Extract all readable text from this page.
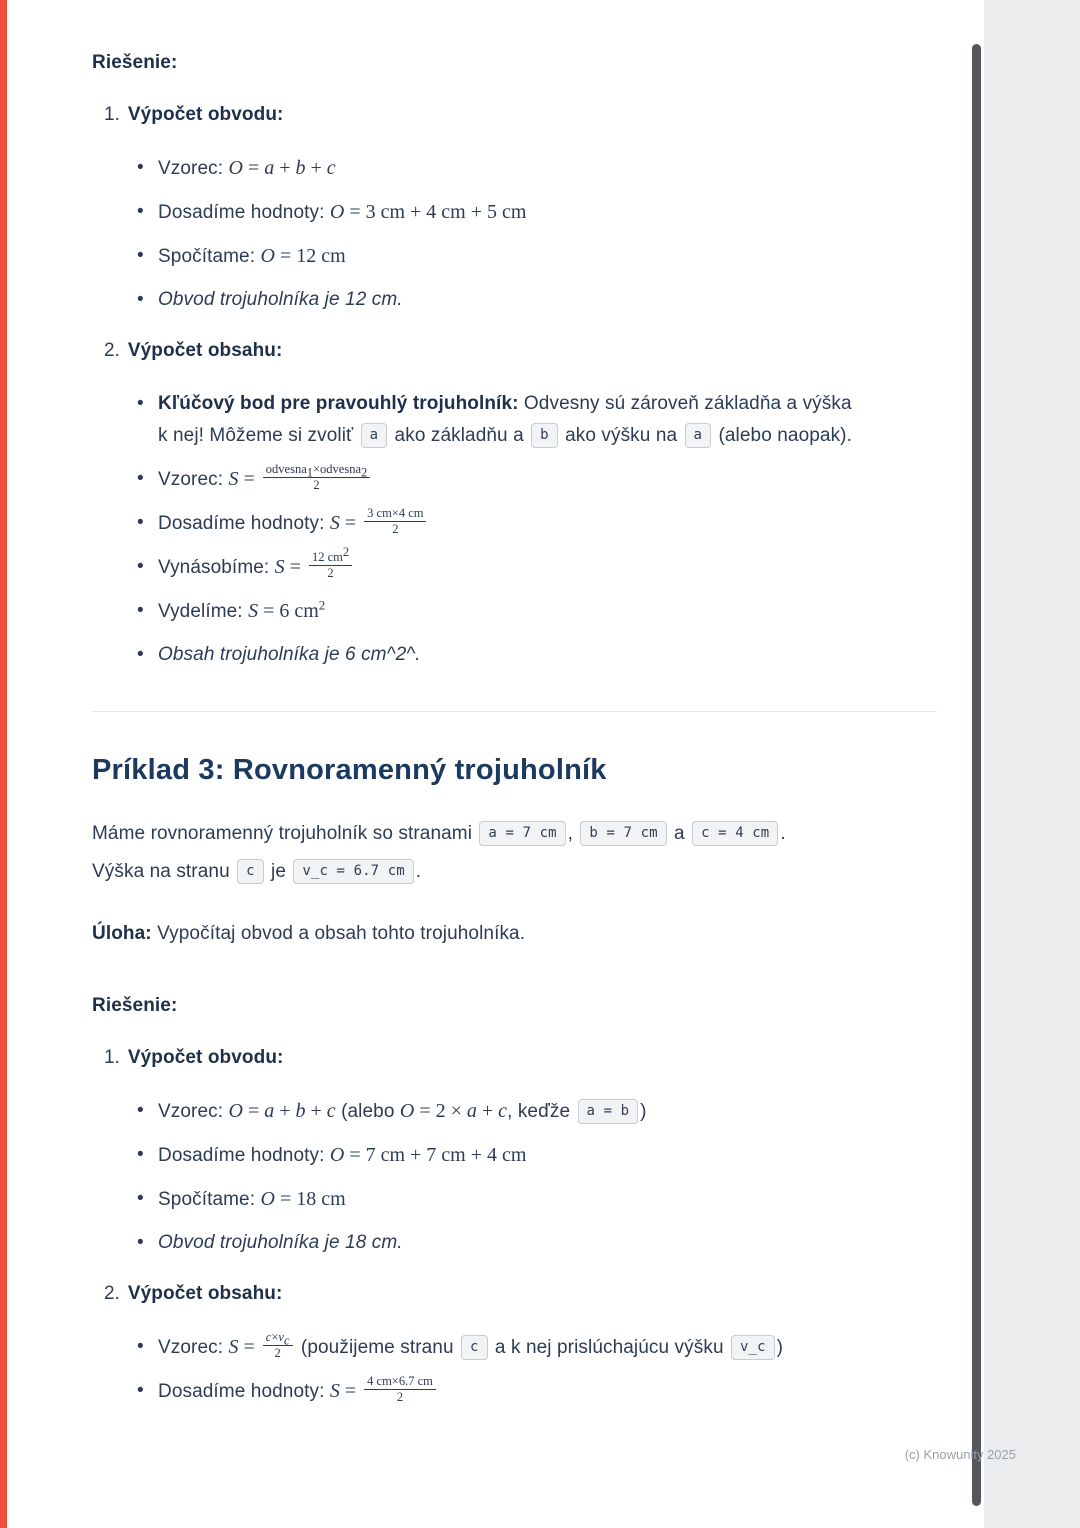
(c) Knowunity 2025
Riešenie:
1. Výpočet obvodu:
• Vzorec: O = a + b + c
• Dosadíme hodnoty: O = 3 cm + 4 cm + 5 cm
• Spočítame: O = 12 cm
• Obvod trojuholníka je 12 cm.
2. Výpočet obsahu:
• Kľúčový bod pre pravouhlý trojuholník: Odvesny sú zároveň základňa a výška k nej! Môžeme si zvoliť a ako základňu a b ako výšku na a (alebo naopak).
• Vzorec: $S = \frac{\text{odvesna1×odvesna2}}{2}$
• Dosadíme hodnoty: $S = \frac{3 cm\times 4 cm}{2}$
• Vynásobíme: $S = \frac{12 cm2}{2}$
• Vydelíme: S = 6 $cm^2$
• Obsah trojuholníka je 6 cm^2^.
Príklad 3: Rovnoramenný trojuholník
Máme rovnoramenný trojuholník so stranami a = 7 cm , b = 7 cm a c = 4 cm . Výška na stranu c je v_c = 6.7 cm .
Úloha: Vypočítaj obvod a obsah tohto trojuholníka.
Riešenie:
1. Výpočet obvodu:
• Vzorec: O = a + b + c (alebo O = 2 × a + c, keďže a = b )
• Dosadíme hodnoty: O = 7 cm + 7 cm + 4 cm
• Spočítame: O = 18 cm
• Obvod trojuholníka je 18 cm.
2. Výpočet obsahu:
• Vzorec: $S = \frac{c\times vc}{2}$ (použijeme stranu c a k nej prislúchajúcu výšku v_c )
• Dosadíme hodnoty: $S = \frac{4 cm\times 6.7 cm}{2}$
